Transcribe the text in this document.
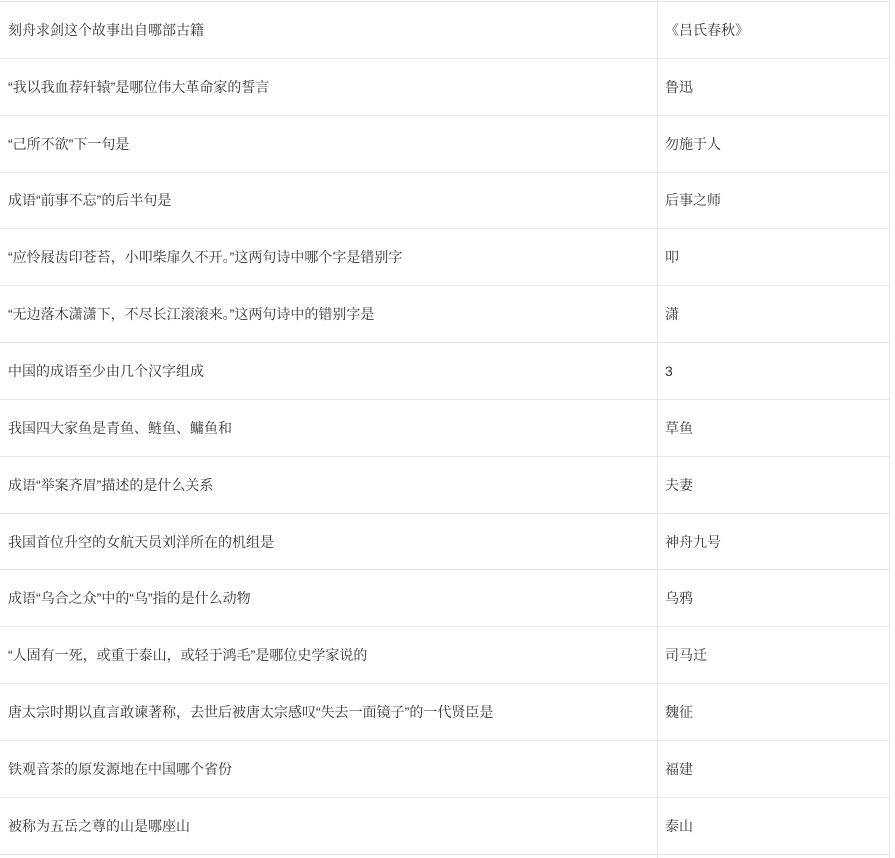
刻舟求剑这个故事出自哪部古籍	《吕氏春秋》
“我以我血荐轩辕”是哪位伟大革命家的誓言	鲁迅
“己所不欲”下一句是	勿施于人
成语“前事不忘”的后半句是	后事之师
“应怜屐齿印苍苔，小叩柴扉久不开。”这两句诗中哪个字是错别字	叩
“无边落木潇潇下，不尽长江滚滚来。”这两句诗中的错别字是	潇
中国的成语至少由几个汉字组成	3
我国四大家鱼是青鱼、鲢鱼、鳙鱼和	草鱼
成语“举案齐眉”描述的是什么关系	夫妻
我国首位升空的女航天员刘洋所在的机组是	神舟九号
成语“乌合之众”中的“乌”指的是什么动物	乌鸦
“人固有一死，或重于泰山，或轻于鸿毛”是哪位史学家说的	司马迁
唐太宗时期以直言敢谏著称，去世后被唐太宗感叹“失去一面镜子”的一代贤臣是	魏征
铁观音茶的原发源地在中国哪个省份	福建
被称为五岳之尊的山是哪座山	泰山
